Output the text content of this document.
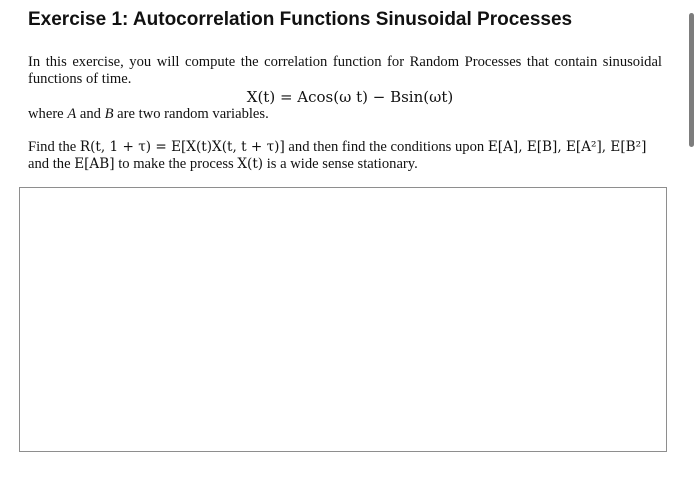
Exercise 1: Autocorrelation Functions Sinusoidal Processes
In this exercise, you will compute the correlation function for Random Processes that contain sinusoidal functions of time.
X(t) = Acos(ω t) − Bsin(ωt)
where A and B are two random variables.
Find the R(t, 1 + τ) = E[X(t)X(t, t + τ)] and then find the conditions upon E[A], E[B], E[A²], E[B²] and the E[AB] to make the process X(t) is a wide sense stationary.
